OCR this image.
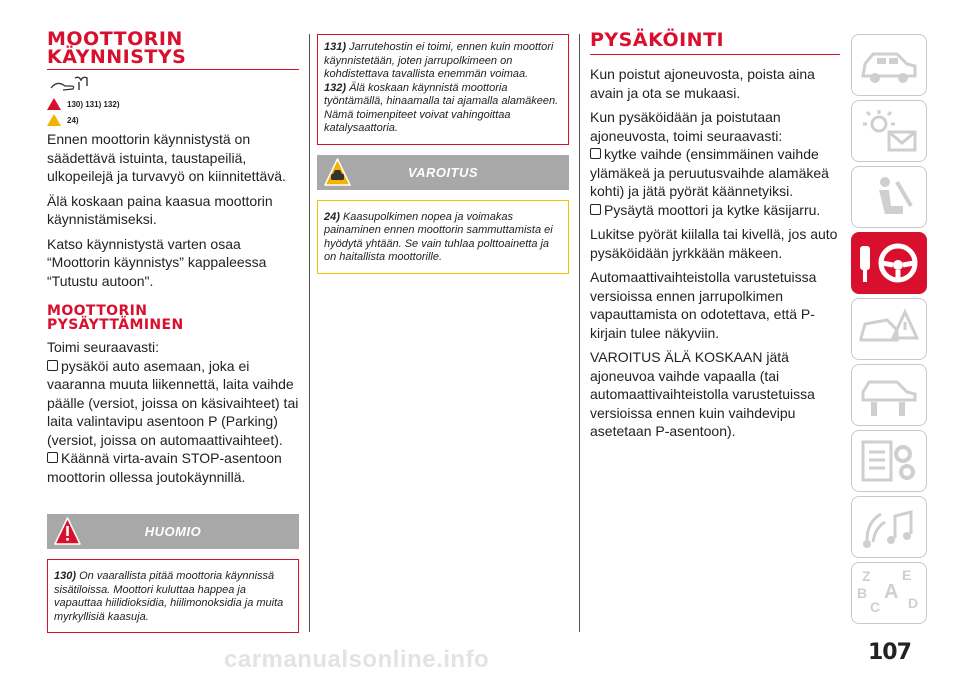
MOOTTORIN
KÄYNNISTYS
130) 131) 132)
24)

Ennen moottorin käynnistystä on säädettävä istuinta, taustapeiliä, ulkopeilejä ja turvavyö on kiinnitettävä.

Älä koskaan paina kaasua moottorin käynnistämiseksi.

Katso käynnistystä varten osaa “Moottorin käynnistys” kappaleessa “Tutustu autoon".

MOOTTORIN
PYSÄYTTÄMINEN

Toimi seuraavasti:

pysäköi auto asemaan, joka ei vaaranna muuta liikennettä, laita vaihde päälle (versiot, joissa on käsivaihteet) tai laita valintavipu asentoon P (Parking) (versiot, joissa on automaattivaihteet).

Käännä virta-avain STOP-asentoon moottorin ollessa joutokäynnillä.

HUOMIO
130) On vaarallista pitää moottoria käynnissä sisätiloissa. Moottori kuluttaa happea ja vapauttaa hiilidioksidia, hiilimonoksidia ja muita myrkyllisiä kaasuja.
131) Jarrutehostin ei toimi, ennen kuin moottori käynnistetään, joten jarrupolkimeen on kohdistettava tavallista enemmän voimaa.
132) Älä koskaan käynnistä moottoria työntämällä, hinaamalla tai ajamalla alamäkeen. Nämä toimenpiteet voivat vahingoittaa katalysaattoria.
VAROITUS
24) Kaasupolkimen nopea ja voimakas painaminen ennen moottorin sammuttamista ei hyödytä yhtään. Se vain tuhlaa polttoainetta ja on haitallista moottorille.
PYSÄKÖINTI

Kun poistut ajoneuvosta, poista aina avain ja ota se mukaasi.

Kun pysäköidään ja poistutaan ajoneuvosta, toimi seuraavasti:

kytke vaihde (ensimmäinen vaihde ylämäkeä ja peruutusvaihde alamäkeä kohti) ja jätä pyörät käännetyiksi.

Pysäytä moottori ja kytke käsijarru.

Lukitse pyörät kiilalla tai kivellä, jos auto pysäköidään jyrkkään mäkeen.

Automaattivaihteistolla varustetuissa versioissa ennen jarrupolkimen vapauttamista on odotettava, että P-kirjain tulee näkyviin.

VAROITUS ÄLÄ KOSKAAN jätä ajoneuvoa vaihde vapaalla (tai automaattivaihteistolla varustetuissa versioissa ennen kuin vaihdevipu asetetaan P-asentoon).

Z E
B A
C D
107
carmanualsonline.info
